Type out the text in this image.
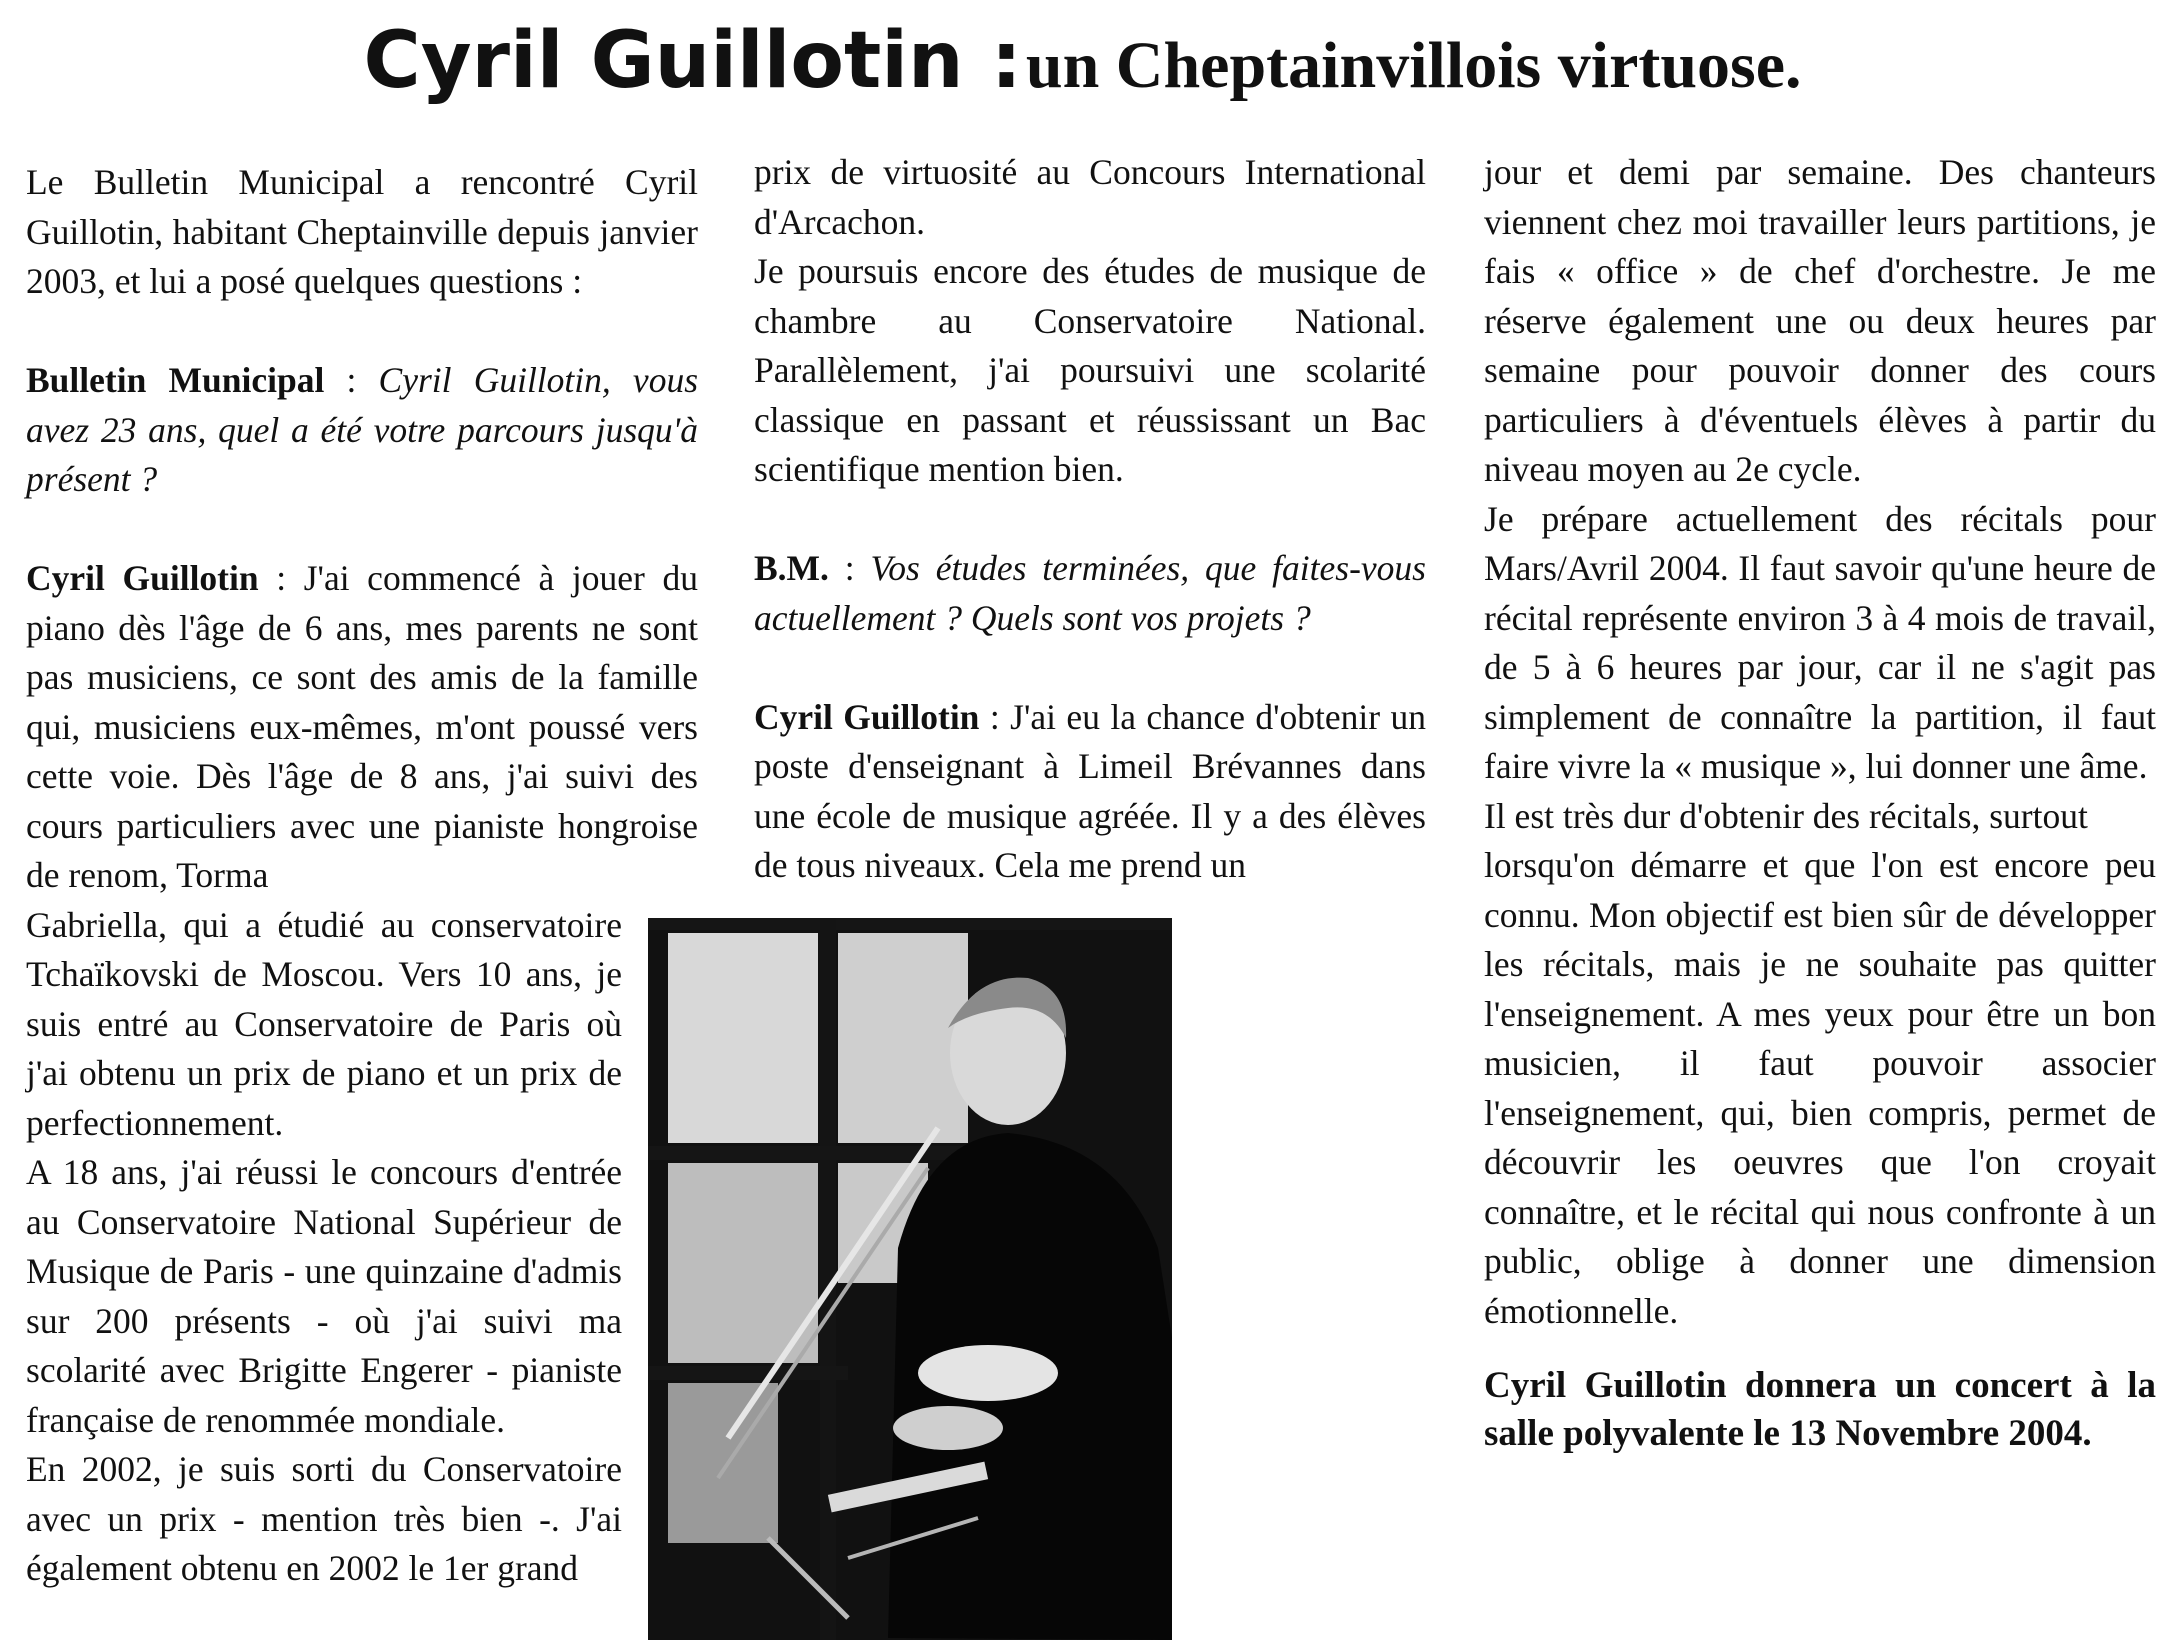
Cyril Guillotin : un Cheptainvillois virtuose.

Le Bulletin Municipal a rencontré Cyril Guillotin, habitant Cheptainville depuis janvier 2003, et lui a posé quelques questions :

Bulletin Municipal : Cyril Guillotin, vous avez 23 ans, quel a été votre parcours jusqu'à présent ?

Cyril Guillotin : J'ai commencé à jouer du piano dès l'âge de 6 ans, mes parents ne sont pas musiciens, ce sont des amis de la famille qui, musiciens eux-mêmes, m'ont poussé vers cette voie. Dès l'âge de 8 ans, j'ai suivi des cours particuliers avec une pianiste hongroise de renom, Torma

Gabriella, qui a étudié au conservatoire Tchaïkovski de Moscou. Vers 10 ans, je suis entré au Conservatoire de Paris où j'ai obtenu un prix de piano et un prix de perfectionnement.

A 18 ans, j'ai réussi le concours d'entrée au Conservatoire National Supérieur de Musique de Paris - une quinzaine d'admis sur 200 présents - où j'ai suivi ma scolarité avec Brigitte Engerer - pianiste française de renommée mondiale.

En 2002, je suis sorti du Conservatoire avec un prix - mention très bien -. J'ai également obtenu en 2002 le 1er grand

prix de virtuosité au Concours International d'Arcachon.

Je poursuis encore des études de musique de chambre au Conservatoire National. Parallèlement, j'ai poursuivi une scolarité classique en passant et réussissant un Bac scientifique mention bien.

B.M. : Vos études terminées, que faites-vous actuellement ? Quels sont vos projets ?

Cyril Guillotin : J'ai eu la chance d'obtenir un poste d'enseignant à Limeil Brévannes dans une école de musique agréée. Il y a des élèves de tous niveaux. Cela me prend un

jour et demi par semaine. Des chanteurs viennent chez moi travailler leurs partitions, je fais « office » de chef d'orchestre. Je me réserve également une ou deux heures par semaine pour pouvoir donner des cours particuliers à d'éventuels élèves à partir du niveau moyen au 2e cycle.

Je prépare actuellement des récitals pour Mars/Avril 2004. Il faut savoir qu'une heure de récital représente environ 3 à 4 mois de travail, de 5 à 6 heures par jour, car il ne s'agit pas simplement de connaître la partition, il faut faire vivre la « musique », lui donner une âme.

Il est très dur d'obtenir des récitals, surtout

lorsqu'on démarre et que l'on est encore peu connu. Mon objectif est bien sûr de développer les récitals, mais je ne souhaite pas quitter l'enseignement. A mes yeux pour être un bon musicien, il faut pouvoir associer l'enseignement, qui, bien compris, permet de découvrir les oeuvres que l'on croyait connaître, et le récital qui nous confronte à un public, oblige à donner une dimension émotionnelle.

Cyril Guillotin donnera un concert à la salle polyvalente le 13 Novembre 2004.
